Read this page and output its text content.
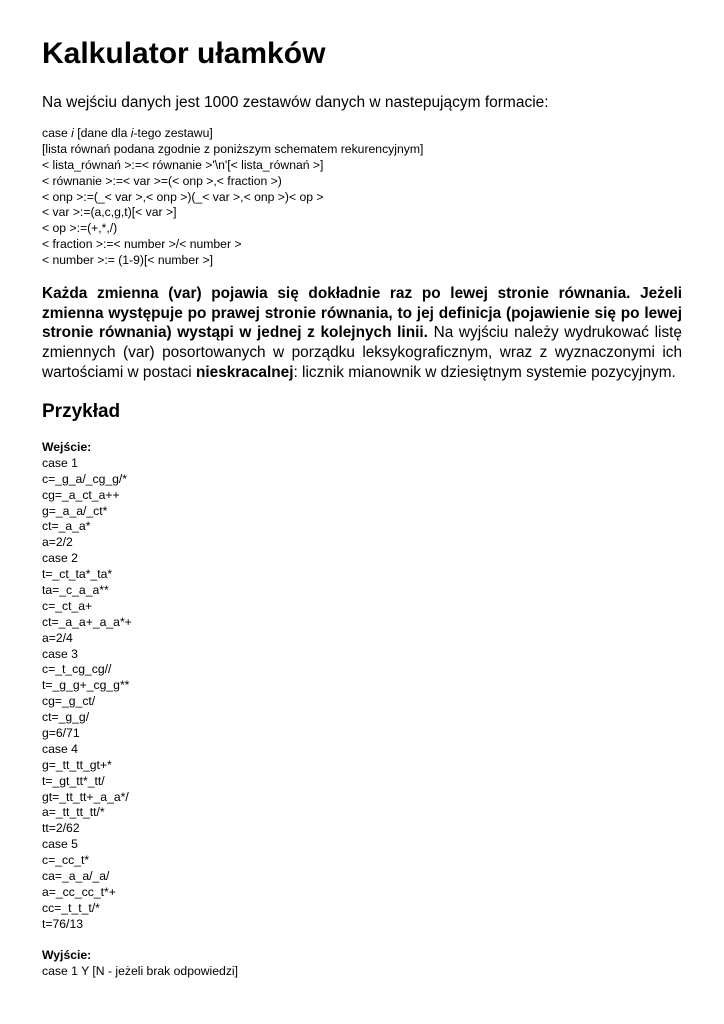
Kalkulator ułamków

Na wejściu danych jest 1000 zestawów danych w nastepującym formacie:

case i [dane dla i-tego zestawu]
[lista równań podana zgodnie z poniższym schematem rekurencyjnym]
< lista_równań >:=< równanie >'\n'[< lista_równań >]
< równanie >:=< var >=(< onp >,< fraction >)
< onp >:=(_< var >,< onp >)(_< var >,< onp >)< op >
< var >:=(a,c,g,t)[< var >]
< op >:=(+,*,/)
< fraction >:=< number >/< number >
< number >:= (1-9)[< number >]

Każda zmienna (var) pojawia się dokładnie raz po lewej stronie równania. Jeżeli zmienna występuje po prawej stronie równania, to jej definicja (pojawienie się po lewej stronie równania) wystąpi w jednej z kolejnych linii. Na wyjściu należy wydrukować listę zmiennych (var) posortowanych w porządku leksykograficznym, wraz z wyznaczonymi ich wartościami w postaci nieskracalnej: licznik mianownik w dziesiętnym systemie pozycyjnym.

Przykład
Wejście:
case 1
c=_g_a/_cg_g/*
cg=_a_ct_a++
g=_a_a/_ct*
ct=_a_a*
a=2/2
case 2
t=_ct_ta*_ta*
ta=_c_a_a**
c=_ct_a+
ct=_a_a+_a_a*+
a=2/4
case 3
c=_t_cg_cg//
t=_g_g+_cg_g**
cg=_g_ct/
ct=_g_g/
g=6/71
case 4
g=_tt_tt_gt+*
t=_gt_tt*_tt/
gt=_tt_tt+_a_a*/
a=_tt_tt_tt/*
tt=2/62
case 5
c=_cc_t*
ca=_a_a/_a/
a=_cc_cc_t*+
cc=_t_t_t/*
t=76/13
Wyjście:
case 1 Y [N - jeżeli brak odpowiedzi]
